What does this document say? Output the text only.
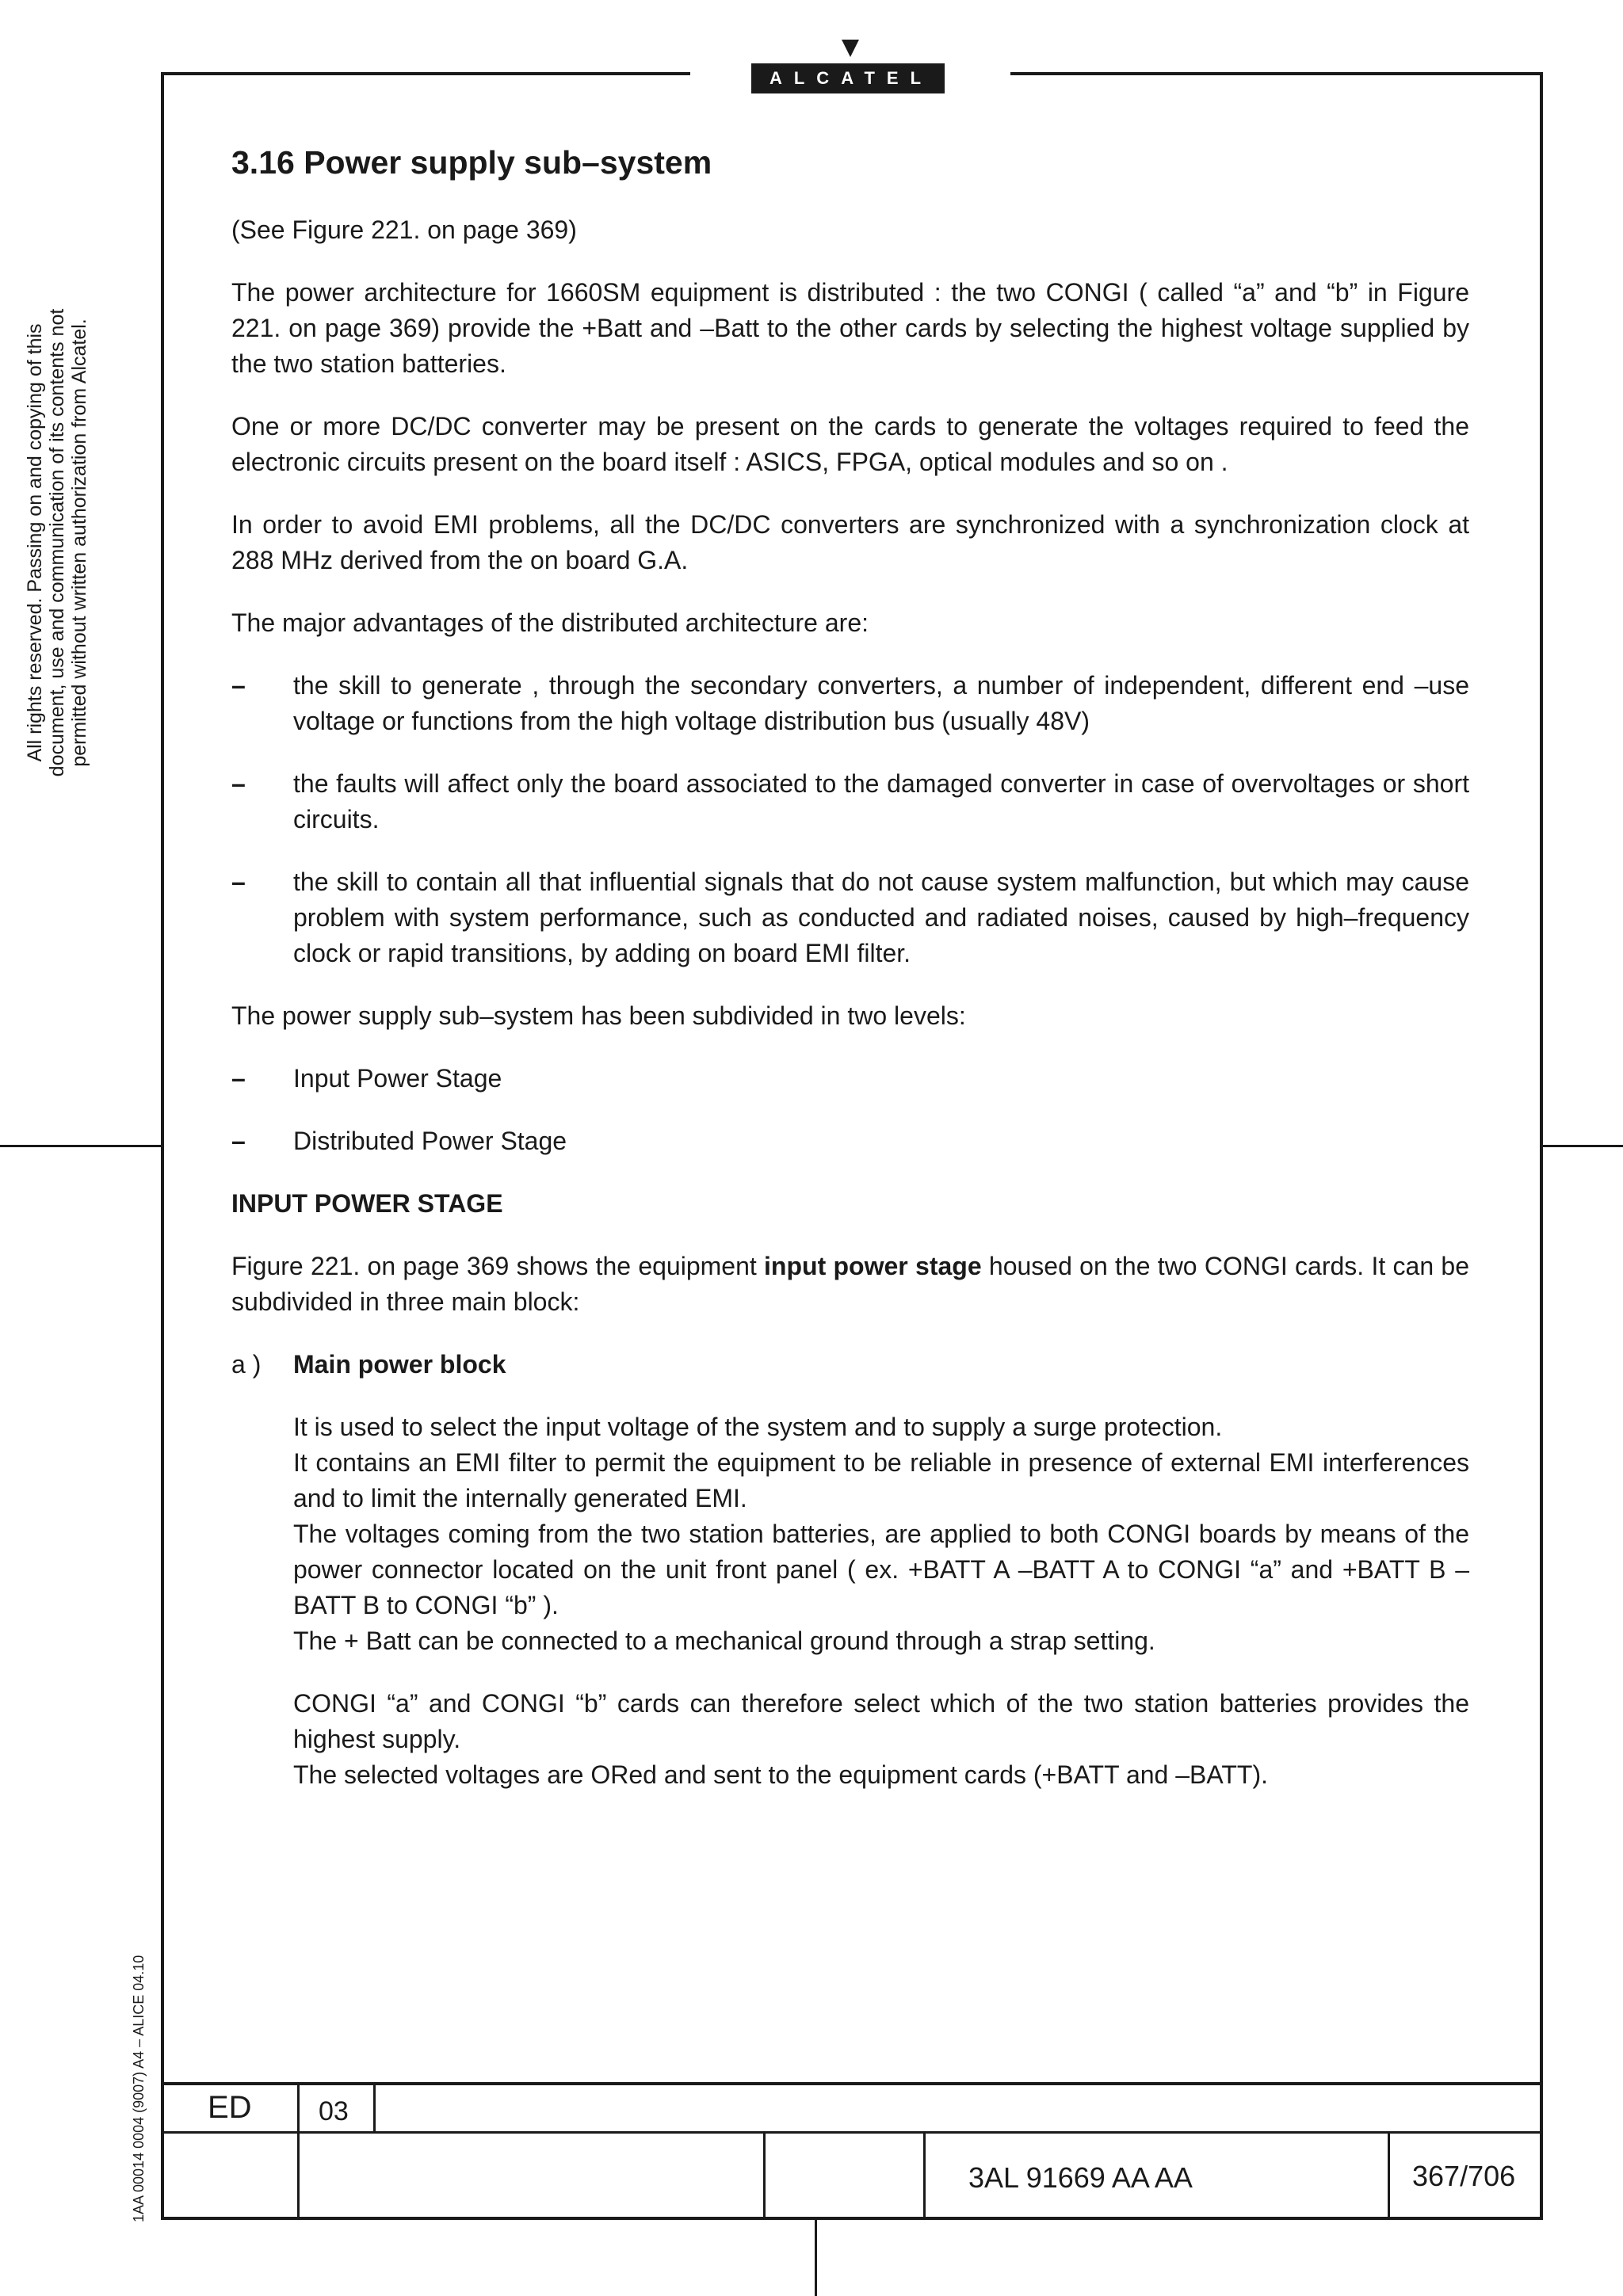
ALCATEL
All rights reserved. Passing on and copying of this document, use and communication of its contents not permitted without written authorization from Alcatel.
1AA 00014 0004 (9007) A4 – ALICE 04.10
3.16 Power supply sub–system

(See Figure 221. on page 369)

The power architecture for 1660SM equipment is distributed : the two CONGI ( called “a” and “b” in Figure 221. on page 369) provide the +Batt and –Batt to the other cards by selecting the highest voltage supplied by the two station batteries.

One or more DC/DC converter may be present on the cards to generate the voltages required to feed the electronic circuits present on the board itself : ASICS, FPGA, optical modules and so on .

In order to avoid EMI problems, all the DC/DC converters are synchronized with a synchronization clock at 288 MHz derived from the on board G.A.

The major advantages of the distributed architecture are:

– the skill to generate , through the secondary converters, a number of independent, different end –use voltage or functions from the high voltage distribution bus (usually 48V)
– the faults will affect only the board associated to the damaged converter in case of overvoltages or short circuits.
– the skill to contain all that influential signals that do not cause system malfunction, but which may cause problem with system performance, such as conducted and radiated noises, caused by high–frequency clock or rapid transitions, by adding on board EMI filter.

The power supply sub–system has been subdivided in two levels:

– Input Power Stage
– Distributed Power Stage

INPUT POWER STAGE

Figure 221. on page 369 shows the equipment input power stage housed on the two CONGI cards. It can be subdivided in three main block:

a ) Main power block

It is used to select the input voltage of the system and to supply a surge protection.
It contains an EMI filter to permit the equipment to be reliable in presence of external EMI interferences and to limit the internally generated EMI.
The voltages coming from the two station batteries, are applied to both CONGI boards by means of the power connector located on the unit front panel ( ex. +BATT A –BATT A to CONGI “a” and +BATT B –BATT B to CONGI “b” ).
The + Batt can be connected to a mechanical ground through a strap setting.

CONGI “a” and CONGI “b” cards can therefore select which of the two station batteries provides the highest supply.
The selected voltages are ORed and sent to the equipment cards (+BATT and –BATT).

ED 03
3AL 91669 AA AA	367/706
